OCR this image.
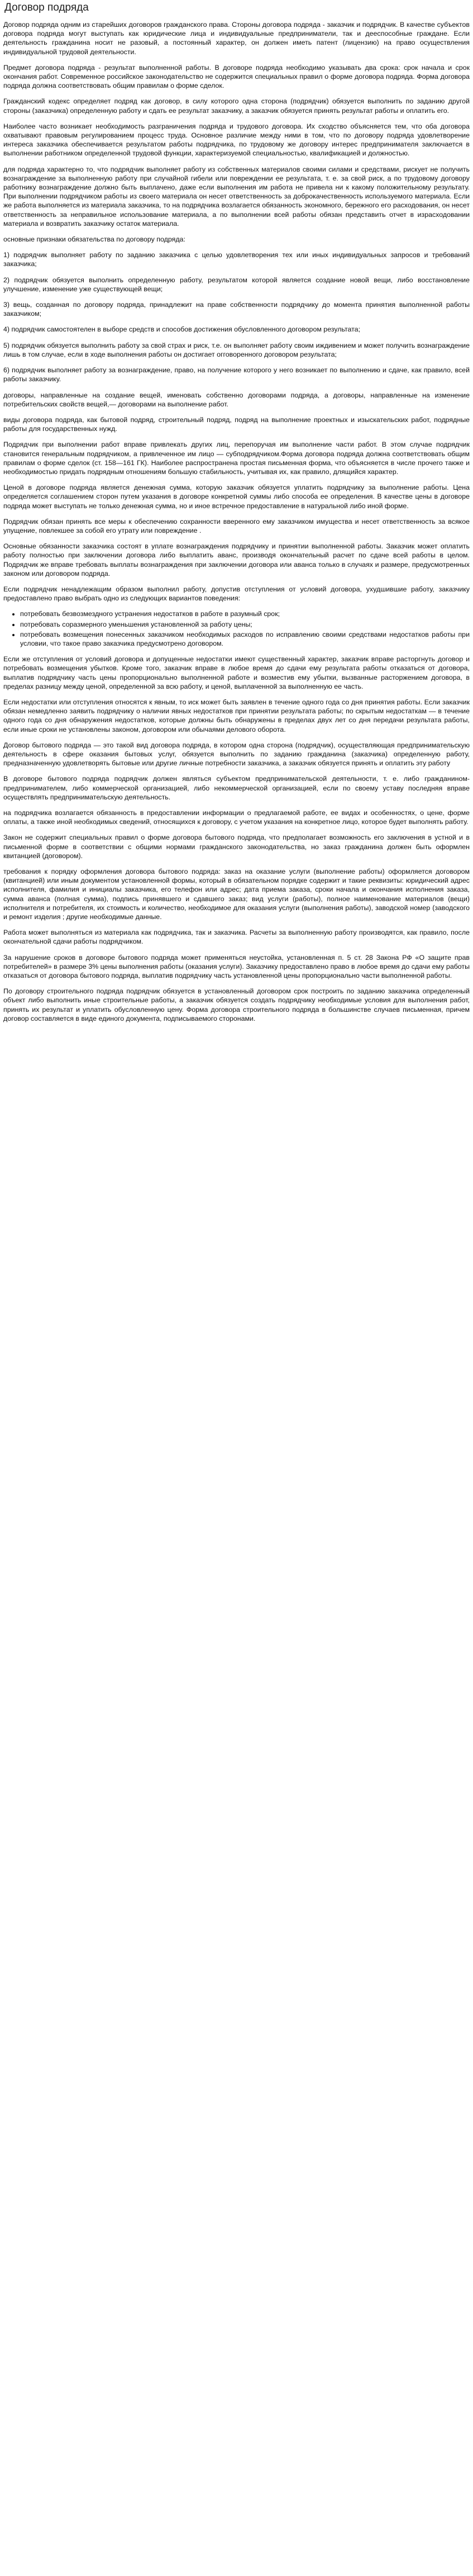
Договор подряда

Договор подряда одним из старейших договоров гражданского права. Стороны договора подряда - заказчик и подрядчик. В качестве субъектов договора подряда могут выступать как юридические лица и индивидуальные предприниматели, так и дееспособные граждане. Если деятельность гражданина носит не разовый, а постоянный характер, он должен иметь патент (лицензию) на право осуществления индивидуальной трудовой деятельности.

Предмет договора подряда - результат выполненной работы. В договоре подряда необходимо указывать два срока: срок начала и срок окончания работ. Современное российское законодательство не содержится специальных правил о форме договора подряда. Форма договора подряда должна соответствовать общим правилам о форме сделок.

Гражданский кодекс определяет подряд как договор, в силу которого одна сторона (подрядчик) обязуется выполнить по заданию другой стороны (заказчика) определенную работу и сдать ее результат заказчику, а заказчик обязуется принять результат работы и оплатить его.

Наиболее часто возникает необходимость разграничения подряда и трудового договора. Их сходство объясняется тем, что оба договора охватывают правовым регулированием процесс труда. Основное различие между ними в том, что по договору подряда удовлетворение интереса заказчика обеспечивается результатом работы подрядчика, по трудовому же договору интерес предпринимателя заключается в выполнении работником определенной трудовой функции, характеризуемой специальностью, квалификацией и должностью.

для подряда характерно то, что подрядчик выполняет работу из собственных материалов своими силами и средствами, рискует не получить вознаграждение за выполненную работу при случайной гибели или повреждении ее результата, т. е. за свой риск, а по трудовому договору работнику вознаграждение должно быть выплачено, даже если выполнения им работа не привела ни к какому положительному результату. При выполнении подрядчиком работы из своего материала он несет ответственность за доброкачественность используемого материала. Если же работа выполняется из материала заказчика, то на подрядчика возлагается обязанность экономного, бережного его расходования, он несет ответственность за неправильное использование материала, а по выполнении всей работы обязан представить отчет в израсходовании материала и возвратить заказчику остаток материала.

основные признаки обязательства по договору подряда:

1) подрядчик выполняет работу по заданию заказчика с целью удовлетворения тех или иных индивидуальных запросов и требований заказчика;

2) подрядчик обязуется выполнить определенную работу, результатом которой является создание новой вещи, либо восстановление улучшение, изменение уже существующей вещи;

3) вещь, созданная по договору подряда, принадлежит на праве собственности подрядчику до момента принятия выполненной работы заказчиком;

4) подрядчик самостоятелен в выборе средств и способов достижения обусловленного договором результата;

5) подрядчик обязуется выполнить работу за свой страх и риск, т.е. он выполняет работу своим иждивением и может получить вознаграждение лишь в том случае, если в ходе выполнения работы он достигает огговоренного договором результата;

6) подрядчик выполняет работу за вознаграждение, право, на получение которого у него возникает по выполнению и сдаче, как правило, всей работы заказчику.

договоры, направленные на создание вещей, именовать собственно договорами подряда, а договоры, направленные на изменение потребительских свойств вещей,— договорами на выполнение работ.

виды договора подряда, как бытовой подряд, строительный подряд, подряд на выполнение проектных и изыскательских работ, подрядные работы для государственных нужд.

Подрядчик при выполнении работ вправе привлекать других лиц, перепоручая им выполнение части работ. В этом случае подрядчик становится генеральным подрядчиком, а привлеченное им лицо — субподрядчиком.Форма договора подряда должна соответствовать общим правилам о форме сделок (ст. 158—161 ГК). Наиболее распространена простая письменная форма, что объясняется в числе прочего также и необходимостью придать подрядным отношениям большую стабильность, учитывая их, как правило, длящийся характер.

Ценой в договоре подряда является денежная сумма, которую заказчик обязуется уплатить подрядчику за выполнение работы. Цена определяется соглашением сторон путем указания в договоре конкретной суммы либо способа ее определения. В качестве цены в договоре подряда может выступать не только денежная сумма, но и иное встречное предоставление в натуральной либо иной форме.

Подрядчик обязан принять все меры к обеспечению сохранности вверенного ему заказчиком имущества и несет ответственность за всякое упущение, повлекшее за собой его утрату или повреждение .

Основные обязанности заказчика состоят в уплате вознаграждения подрядчику и принятии выполненной работы. Заказчик может оплатить работу полностью при заключении договора либо выплатить аванс, производя окончательный расчет по сдаче всей работы в целом. Подрядчик же вправе требовать выплаты вознаграждения при заключении договора или аванса только в случаях и размере, предусмотренных законом или договором подряда.

Если подрядчик ненадлежащим образом выполнил работу, допустив отступления от условий договора, ухудшившие работу, заказчику предоставлено право выбрать одно из следующих вариантов поведения:

• потребовать безвозмездного устранения недостатков в работе в разумный срок;
• потребовать соразмерного уменьшения установленной за работу цены;
• потребовать возмещения понесенных заказчиком необходимых расходов по исправлению своими средствами недостатков работы при условии, что такое право заказчика предусмотрено договором.

Если же отступления от условий договора и допущенные недостатки имеют существенный характер, заказчик вправе расторгнуть договор и потребовать возмещения убытков. Кроме того, заказчик вправе в любое время до сдачи ему результата работы отказаться от договора, выплатив подрядчику часть цены пропорционально выполненной работе и возместив ему убытки, вызванные расторжением договора, в пределах разницу между ценой, определенной за всю работу, и ценой, выплаченной за выполненную ее часть.

Если недостатки или отступления относятся к явным, то иск может быть заявлен в течение одного года со дня принятия работы. Если заказчик обязан немедленно заявить подрядчику о наличии явных недостатков при принятии результата работы; по скрытым недостаткам — в течение одного года со дня обнаружения недостатков, которые должны быть обнаружены в пределах двух лет со дня передачи результата работы, если иные сроки не установлены законом, договором или обычаями делового оборота.

Договор бытового подряда — это такой вид договора подряда, в котором одна сторона (подрядчик), осуществляющая предпринимательскую деятельность в сфере оказания бытовых услуг, обязуется выполнить по заданию гражданина (заказчика) определенную работу, предназначенную удовлетворять бытовые или другие личные потребности заказчика, а заказчик обязуется принять и оплатить эту работу

В договоре бытового подряда подрядчик должен являться субъектом предпринимательской деятельности, т. е. либо гражданином-предпринимателем, либо коммерческой организацией, либо некоммерческой организацией, если по своему уставу последняя вправе осуществлять предпринимательскую деятельность.

на подрядчика возлагается обязанность в предоставлении информации о предлагаемой работе, ее видах и особенностях, о цене, форме оплаты, а также иной необходимых сведений, относящихся к договору, с учетом указания на конкретное лицо, которое будет выполнять работу.

Закон не содержит специальных правил о форме договора бытового подряда, что предполагает возможность его заключения в устной и в письменной форме в соответствии с общими нормами гражданского законодательства, но заказ гражданина должен быть оформлен квитанцией (договором).

требования к порядку оформления договора бытового подряда: заказ на оказание услуги (выполнение работы) оформляется договором (квитанцией) или иным документом установленной формы, который в обязательном порядке содержит и такие реквизиты: юридический адрес исполнителя, фамилия и инициалы заказчика, его телефон или адрес; дата приема заказа, сроки начала и окончания исполнения заказа, сумма аванса (полная сумма), подпись принявшего и сдавшего заказ; вид услуги (работы), полное наименование материалов (вещи) исполнителя и потребителя, их стоимость и количество, необходимое для оказания услуги (выполнения работы), заводской номер (заводского и ремонт изделия ; другие необходимые данные.

Работа может выполняться из материала как подрядчика, так и заказчика. Расчеты за выполненную работу производятся, как правило, после окончательной сдачи работы подрядчиком.

За нарушение сроков в договоре бытового подряда может применяться неустойка, установленная п. 5 ст. 28 Закона РФ «О защите прав потребителей» в размере 3% цены выполнения работы (оказания услуги). Заказчику предоставлено право в любое время до сдачи ему работы отказаться от договора бытового подряда, выплатив подрядчику часть установленной цены пропорционально части выполненной работы.

По договору строительного подряда подрядчик обязуется в установленный договором срок построить по заданию заказчика определенный объект либо выполнить иные строительные работы, а заказчик обязуется создать подрядчику необходимые условия для выполнения работ, принять их результат и уплатить обусловленную цену. Форма договора строительного подряда в большинстве случаев письменная, причем договор составляется в виде единого документа, подписываемого сторонами.
